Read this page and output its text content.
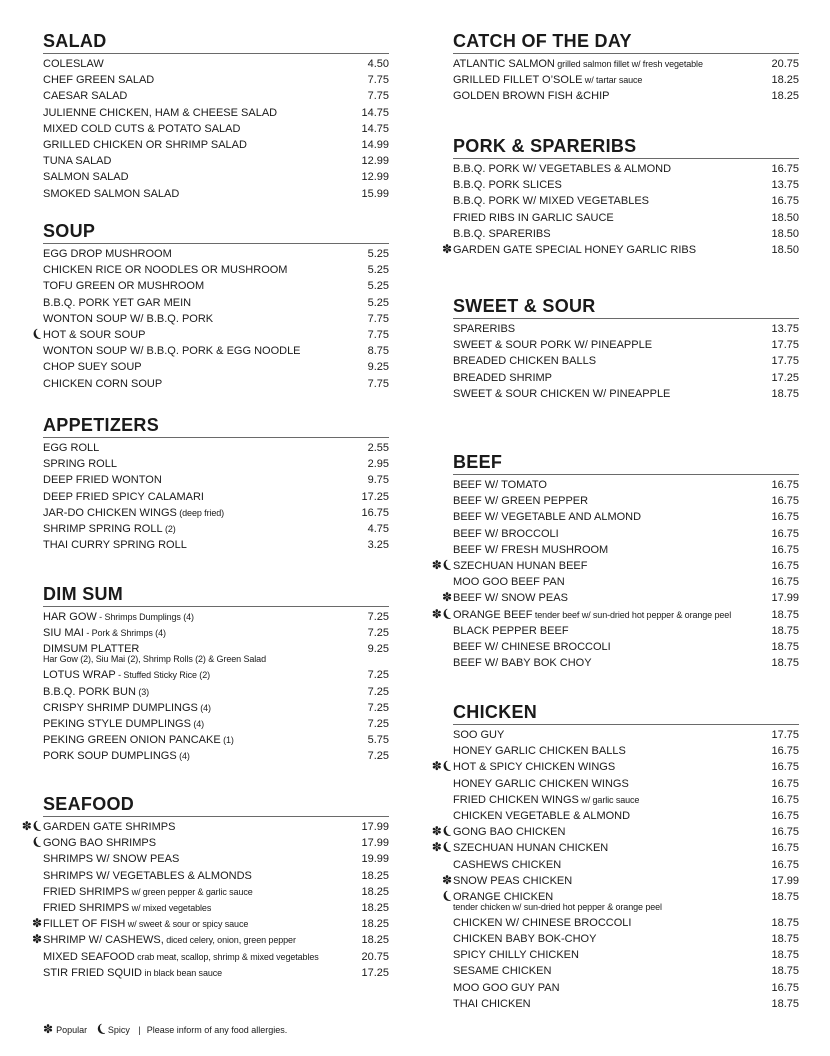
SALAD
COLESLAW	4.50
CHEF GREEN SALAD	7.75
CAESAR SALAD	7.75
JULIENNE CHICKEN, HAM & CHEESE SALAD	14.75
MIXED COLD CUTS & POTATO SALAD	14.75
GRILLED CHICKEN OR SHRIMP SALAD	14.99
TUNA SALAD	12.99
SALMON SALAD	12.99
SMOKED SALMON SALAD	15.99
SOUP
EGG DROP MUSHROOM	5.25
CHICKEN RICE OR NOODLES OR MUSHROOM	5.25
TOFU GREEN OR MUSHROOM	5.25
B.B.Q. PORK YET GAR MEIN	5.25
WONTON SOUP W/ B.B.Q. PORK	7.75
❨ HOT & SOUR SOUP	7.75
WONTON SOUP W/ B.B.Q. PORK & EGG NOODLE	8.75
CHOP SUEY SOUP	9.25
CHICKEN CORN SOUP	7.75
APPETIZERS
EGG ROLL	2.55
SPRING ROLL	2.95
DEEP FRIED WONTON	9.75
DEEP FRIED SPICY CALAMARI	17.25
JAR-DO CHICKEN WINGS (deep fried)	16.75
SHRIMP SPRING ROLL (2)	4.75
THAI CURRY SPRING ROLL	3.25
DIM SUM
HAR GOW - Shrimps Dumplings (4)	7.25
SIU MAI - Pork & Shrimps (4)	7.25
DIMSUM PLATTER	9.25
Har Gow (2), Siu Mai (2), Shrimp Rolls (2) & Green Salad
LOTUS WRAP - Stuffed Sticky Rice (2)	7.25
B.B.Q. PORK BUN (3)	7.25
CRISPY SHRIMP DUMPLINGS (4)	7.25
PEKING STYLE DUMPLINGS (4)	7.25
PEKING GREEN ONION PANCAKE (1)	5.75
PORK SOUP DUMPLINGS (4)	7.25
SEAFOOD
✽❨ GARDEN GATE SHRIMPS	17.99
❨ GONG BAO SHRIMPS	17.99
SHRIMPS W/ SNOW PEAS	19.99
SHRIMPS W/ VEGETABLES & ALMONDS	18.25
FRIED SHRIMPS w/ green pepper & garlic sauce	18.25
FRIED SHRIMPS w/ mixed vegetables	18.25
✽ FILLET OF FISH w/ sweet & sour or spicy sauce	18.25
✽ SHRIMP W/ CASHEWS, diced celery, onion, green pepper	18.25
MIXED SEAFOOD crab meat, scallop, shrimp & mixed vegetables	20.75
STIR FRIED SQUID in black bean sauce	17.25
CATCH OF THE DAY
ATLANTIC SALMON grilled salmon fillet w/ fresh vegetable	20.75
GRILLED FILLET O’SOLE w/ tartar sauce	18.25
GOLDEN BROWN FISH &CHIP	18.25
PORK & SPARERIBS
B.B.Q. PORK W/ VEGETABLES & ALMOND	16.75
B.B.Q. PORK SLICES	13.75
B.B.Q. PORK W/ MIXED VEGETABLES	16.75
FRIED RIBS IN GARLIC SAUCE	18.50
B.B.Q. SPARERIBS	18.50
✽ GARDEN GATE SPECIAL HONEY GARLIC RIBS	18.50
SWEET & SOUR
SPARERIBS	13.75
SWEET & SOUR PORK W/ PINEAPPLE	17.75
BREADED CHICKEN BALLS	17.75
BREADED SHRIMP	17.25
SWEET & SOUR CHICKEN W/ PINEAPPLE	18.75
BEEF
BEEF W/ TOMATO	16.75
BEEF W/ GREEN PEPPER	16.75
BEEF W/ VEGETABLE AND ALMOND	16.75
BEEF W/ BROCCOLI	16.75
BEEF W/ FRESH MUSHROOM	16.75
✽❨ SZECHUAN HUNAN BEEF	16.75
MOO GOO BEEF PAN	16.75
✽ BEEF W/ SNOW PEAS	17.99
✽❨ ORANGE BEEF tender beef w/ sun-dried hot pepper & orange peel	18.75
BLACK PEPPER BEEF	18.75
BEEF W/ CHINESE BROCCOLI	18.75
BEEF W/ BABY BOK CHOY	18.75
CHICKEN
SOO GUY	17.75
HONEY GARLIC CHICKEN BALLS	16.75
✽❨ HOT & SPICY CHICKEN WINGS	16.75
HONEY GARLIC CHICKEN WINGS	16.75
FRIED CHICKEN WINGS w/ garlic sauce	16.75
CHICKEN VEGETABLE & ALMOND	16.75
✽❨ GONG BAO CHICKEN	16.75
✽❨ SZECHUAN HUNAN CHICKEN	16.75
CASHEWS CHICKEN	16.75
✽ SNOW PEAS CHICKEN	17.99
❨ ORANGE CHICKEN	18.75
tender chicken w/ sun-dried hot pepper & orange peel
CHICKEN W/ CHINESE BROCCOLI	18.75
CHICKEN BABY BOK-CHOY	18.75
SPICY CHILLY CHICKEN	18.75
SESAME CHICKEN	18.75
MOO GOO GUY PAN	16.75
THAI CHICKEN	18.75
✽ Popular ❨Spicy | Please inform of any food allergies.
